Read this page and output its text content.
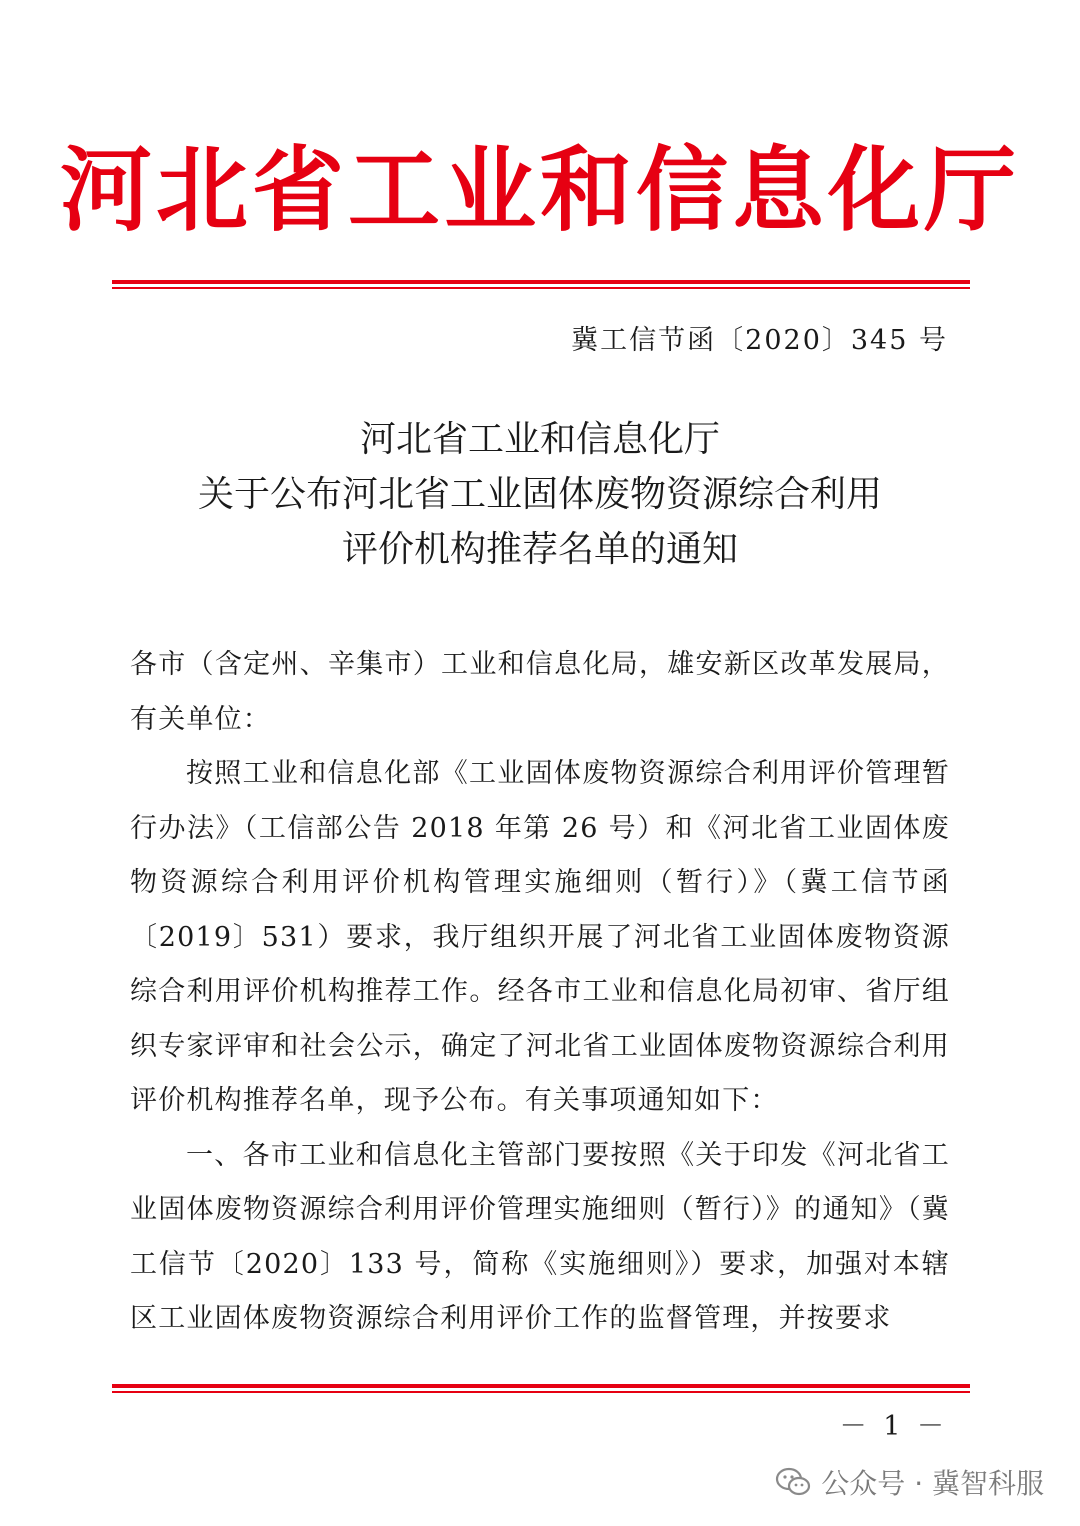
河北省工业和信息化厅
冀工信节函〔2020〕345 号
河北省工业和信息化厅
关于公布河北省工业固体废物资源综合利用
评价机构推荐名单的通知

各市（含定州、辛集市）工业和信息化局，雄安新区改革发展局，有关单位：

按照工业和信息化部《工业固体废物资源综合利用评价管理暂行办法》（工信部公告 2018 年第 26 号）和《河北省工业固体废物资源综合利用评价机构管理实施细则（暂行）》（冀工信节函〔2019〕531）要求，我厅组织开展了河北省工业固体废物资源综合利用评价机构推荐工作。经各市工业和信息化局初审、省厅组织专家评审和社会公示，确定了河北省工业固体废物资源综合利用评价机构推荐名单，现予公布。有关事项通知如下：

一、各市工业和信息化主管部门要按照《关于印发《河北省工业固体废物资源综合利用评价管理实施细则（暂行）》的通知》（冀工信节〔2020〕133 号，简称《实施细则》）要求，加强对本辖区工业固体废物资源综合利用评价工作的监督管理，并按要求

－ 1 －
公众号 · 冀智科服
